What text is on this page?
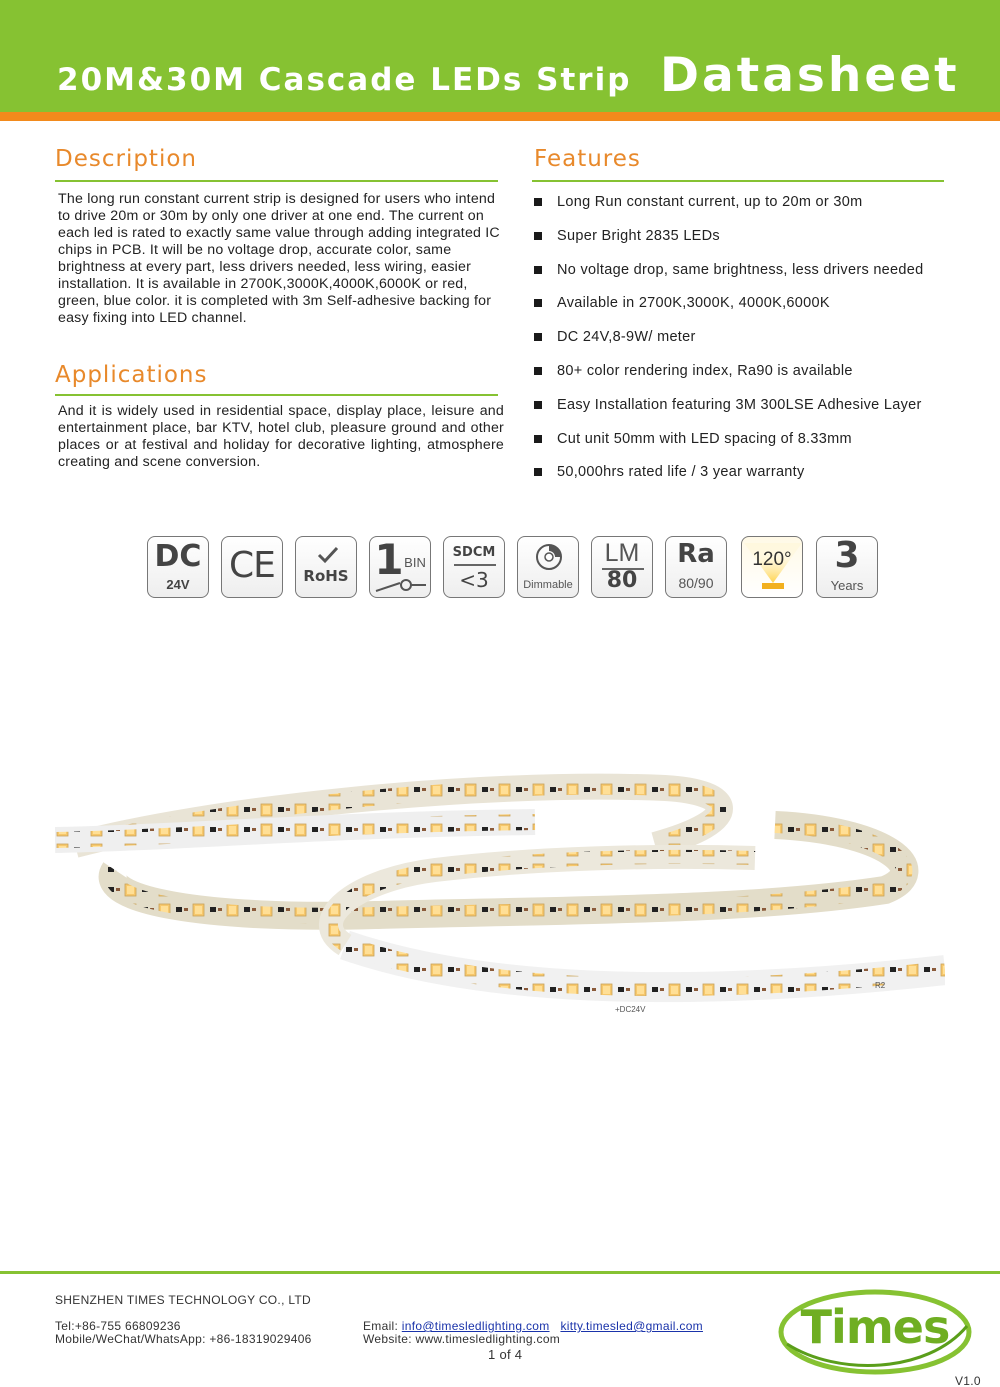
20M&30M Cascade LEDs Strip Datasheet
Description
The long run constant current strip is designed for users who intend to drive 20m or 30m by only one driver at one end. The current on each led is rated to exactly same value through adding integrated IC chips in PCB. It will be no voltage drop, accurate color, same brightness at every part, less drivers needed, less wiring, easier installation. It is available in 2700K,3000K,4000K,6000K or red, green, blue color. it is completed with 3m Self-adhesive backing for easy fixing into LED channel.
Applications
And it is widely used in residential space, display place, leisure and entertainment place, bar KTV, hotel club, pleasure ground and other places or at festival and holiday for decorative lighting, atmosphere creating and scene conversion.
Features
Long Run constant current, up to 20m or 30m
Super Bright 2835 LEDs
No voltage drop, same brightness, less drivers needed
Available in 2700K,3000K, 4000K,6000K
DC 24V,8-9W/ meter
80+ color rendering index, Ra90 is available
Easy Installation featuring 3M 300LSE Adhesive Layer
Cut unit 50mm with LED spacing of 8.33mm
50,000hrs rated life / 3 year warranty
DC
24V	CE	RoHS 1 BIN
SDCM
<3	Dimmable
LM
80
Ra
80/90
120°	3
Years
+DC24V
R2
SHENZHEN TIMES TECHNOLOGY CO., LTD
Tel:+86-755 66809236
Mobile/WeChat/WhatsApp: +86-18319029406
Email: info@timesledlighting.com kitty.timesled@gmail.com
Website: www.timesledlighting.com
1 of 4
V1.0
Times
